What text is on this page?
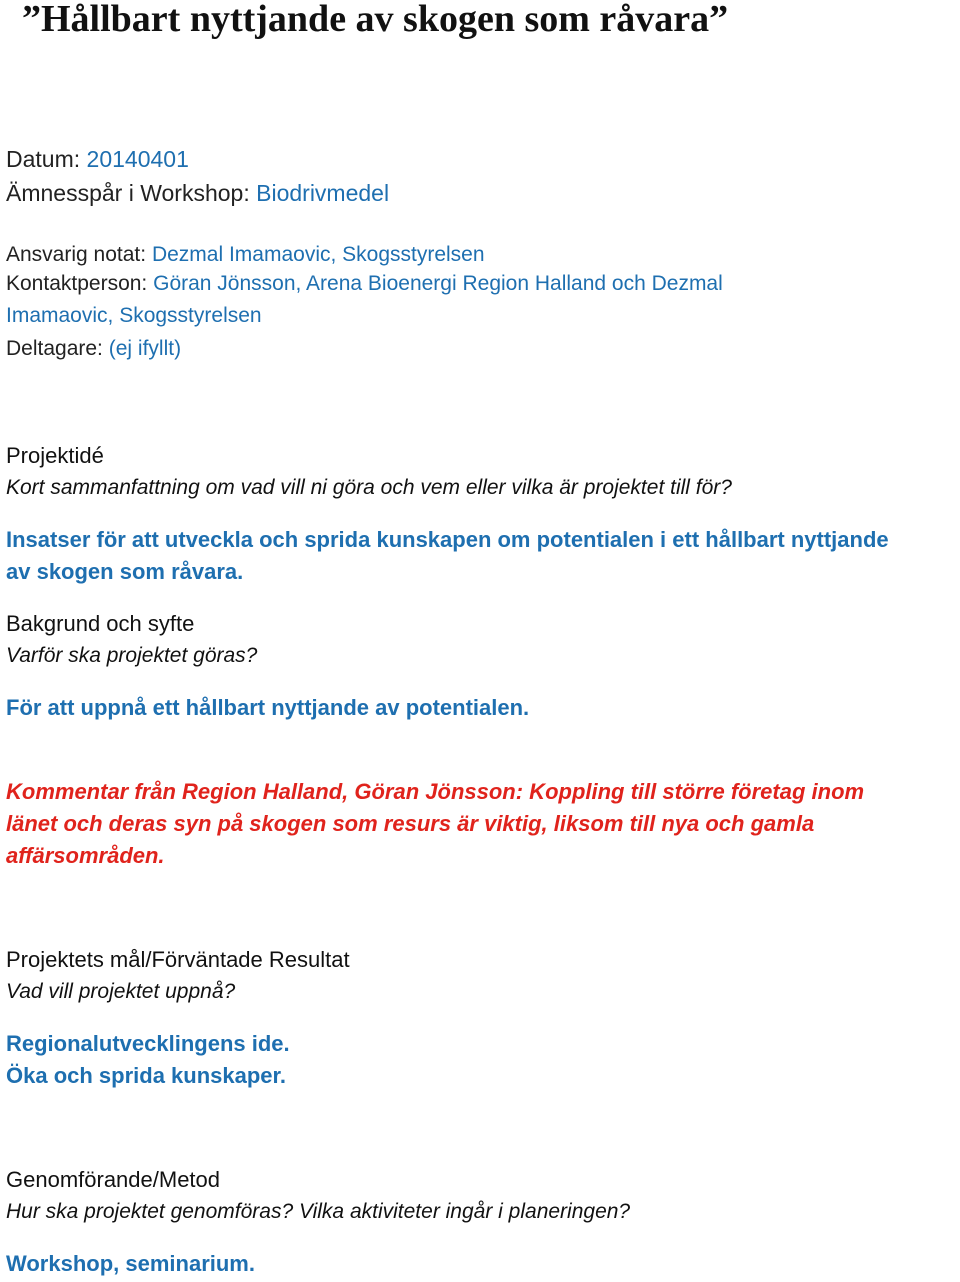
”Hållbart nyttjande av skogen som råvara”
Datum: 20140401
Ämnesspår i Workshop: Biodrivmedel
Ansvarig notat: Dezmal Imamaovic, Skogsstyrelsen
Kontaktperson: Göran Jönsson, Arena Bioenergi Region Halland och Dezmal
Imamaovic, Skogsstyrelsen
Deltagare: (ej ifyllt)
Projektidé
Kort sammanfattning om vad vill ni göra och vem eller vilka är projektet till för?
Insatser för att utveckla och sprida kunskapen om potentialen i ett hållbart nyttjande
av skogen som råvara.
Bakgrund och syfte
Varför ska projektet göras?
För att uppnå ett hållbart nyttjande av potentialen.
Kommentar från Region Halland, Göran Jönsson: Koppling till större företag inom
länet och deras syn på skogen som resurs är viktig, liksom till nya och gamla
affärsområden.
Projektets mål/Förväntade Resultat
Vad vill projektet uppnå?
Regionalutvecklingens ide.
Öka och sprida kunskaper.
Genomförande/Metod
Hur ska projektet genomföras? Vilka aktiviteter ingår i planeringen?
Workshop, seminarium.
